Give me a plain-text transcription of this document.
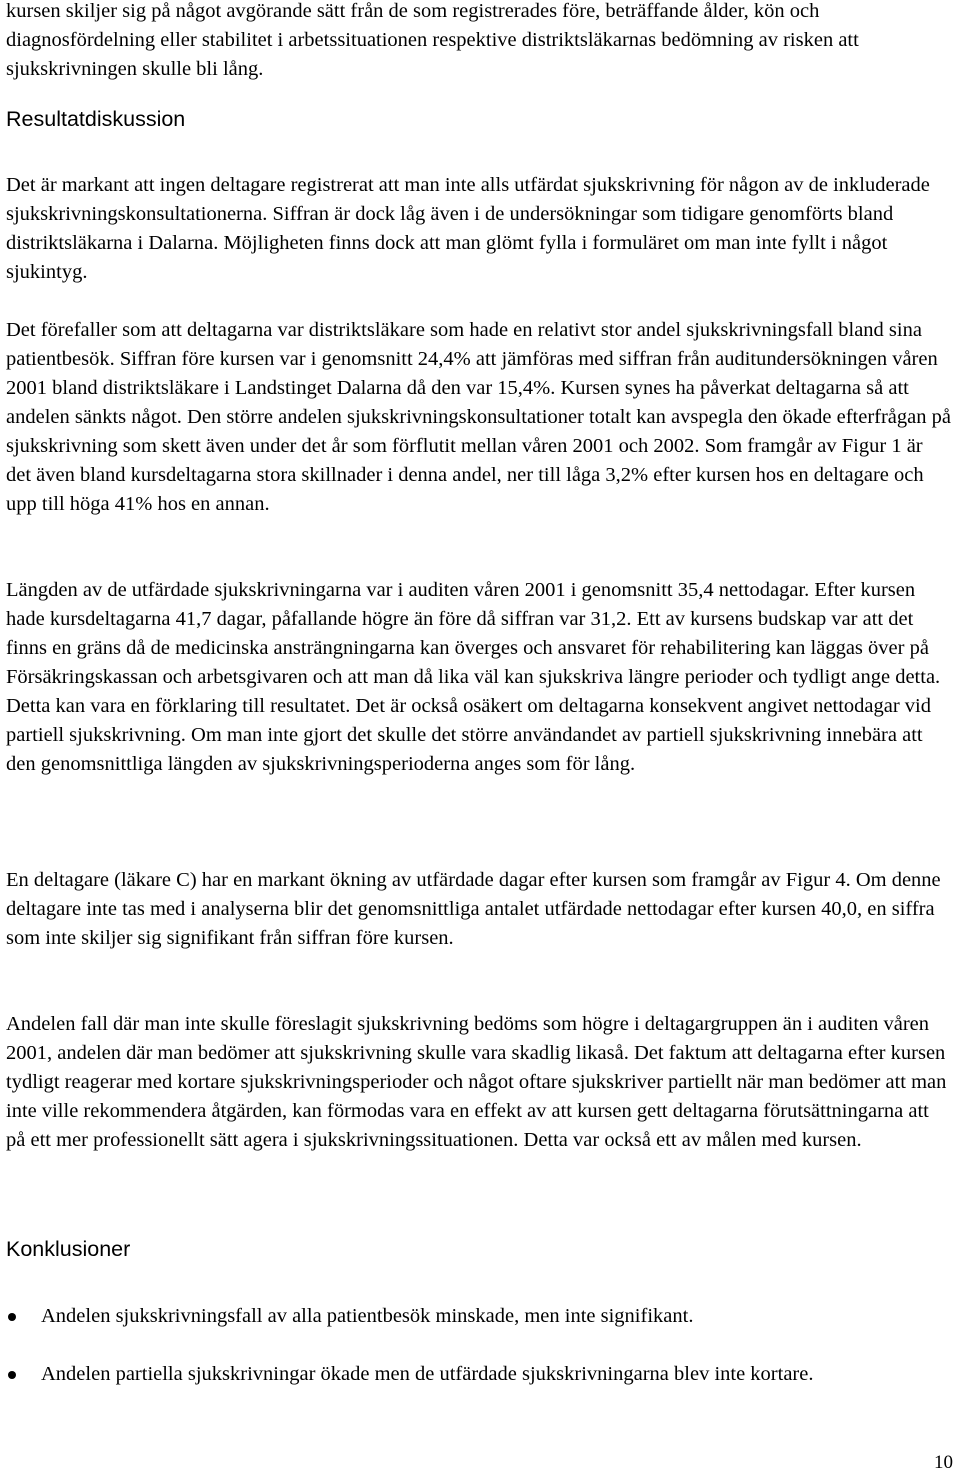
kursen skiljer sig på något avgörande sätt från de som registrerades före, beträffande ålder, kön och diagnosfördelning eller stabilitet i arbetssituationen respektive distriktsläkarnas bedömning av risken att sjukskrivningen skulle bli lång.

Resultatdiskussion

Det är markant att ingen deltagare registrerat att man inte alls utfärdat sjukskrivning för någon av de inkluderade sjukskrivningskonsultationerna. Siffran är dock låg även i de undersökningar som tidigare genomförts bland distriktsläkarna i Dalarna. Möjligheten finns dock att man glömt fylla i formuläret om man inte fyllt i något sjukintyg.

Det förefaller som att deltagarna var distriktsläkare som hade en relativt stor andel sjukskrivningsfall bland sina patientbesök. Siffran före kursen var i genomsnitt 24,4% att jämföras med siffran från auditundersökningen våren 2001 bland distriktsläkare i Landstinget Dalarna då den var 15,4%. Kursen synes ha påverkat deltagarna så att andelen sänkts något. Den större andelen sjukskrivningskonsultationer totalt kan avspegla den ökade efterfrågan på sjukskrivning som skett även under det år som förflutit mellan våren 2001 och 2002. Som framgår av Figur 1 är det även bland kursdeltagarna stora skillnader i denna andel, ner till låga 3,2% efter kursen hos en deltagare och upp till höga 41% hos en annan.

Längden av de utfärdade sjukskrivningarna var i auditen våren 2001 i genomsnitt 35,4 nettodagar. Efter kursen hade kursdeltagarna 41,7 dagar, påfallande högre än före då siffran var 31,2. Ett av kursens budskap var att det finns en gräns då de medicinska ansträngningarna kan överges och ansvaret för rehabilitering kan läggas över på Försäkringskassan och arbetsgivaren och att man då lika väl kan sjukskriva längre perioder och tydligt ange detta. Detta kan vara en förklaring till resultatet. Det är också osäkert om deltagarna konsekvent angivet nettodagar vid partiell sjukskrivning. Om man inte gjort det skulle det större användandet av partiell sjukskrivning innebära att den genomsnittliga längden av sjukskrivningsperioderna anges som för lång.

En deltagare (läkare C) har en markant ökning av utfärdade dagar efter kursen som framgår av Figur 4. Om denne deltagare inte tas med i analyserna blir det genomsnittliga antalet utfärdade nettodagar efter kursen 40,0, en siffra som inte skiljer sig signifikant från siffran före kursen.

Andelen fall där man inte skulle föreslagit sjukskrivning bedöms som högre i deltagargruppen än i auditen våren 2001, andelen där man bedömer att sjukskrivning skulle vara skadlig likaså. Det faktum att deltagarna efter kursen tydligt reagerar med kortare sjukskrivningsperioder och något oftare sjukskriver partiellt när man bedömer att man inte ville rekommendera åtgärden, kan förmodas vara en effekt av att kursen gett deltagarna förutsättningarna att på ett mer professionellt sätt agera i sjukskrivningssituationen. Detta var också ett av målen med kursen.

Konklusioner
Andelen sjukskrivningsfall av alla patientbesök minskade, men inte signifikant.
Andelen partiella sjukskrivningar ökade men de utfärdade sjukskrivningarna blev inte kortare.
10
